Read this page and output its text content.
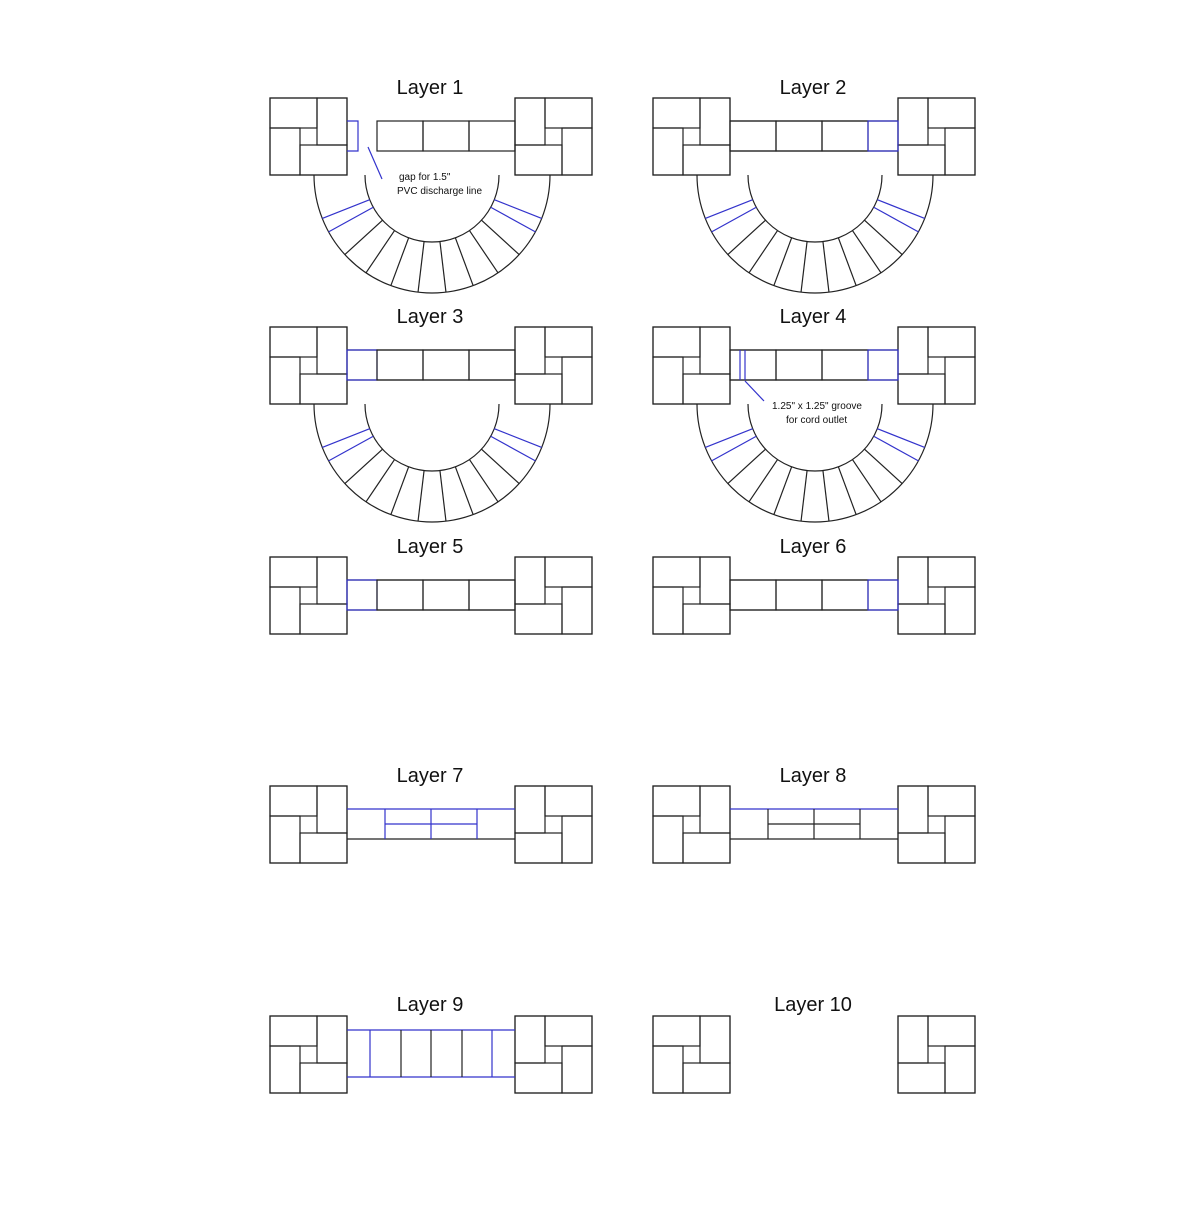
Layer 1	Layer 2
Layer 3	Layer 4
Layer 5	Layer 6
Layer 7	Layer 8
Layer 9	Layer 10
gap for 1.5"
PVC discharge line
1.25" x 1.25" groove
for cord outlet
